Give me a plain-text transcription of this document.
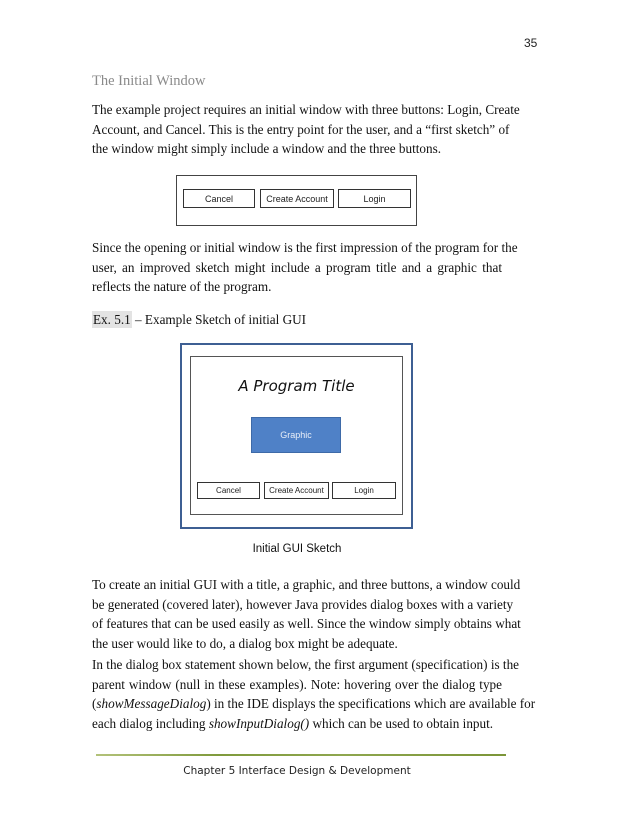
35
The Initial Window
The example project requires an initial window with three buttons: Login, Create
Account, and Cancel. This is the entry point for the user, and a “first sketch” of
the window might simply include a window and the three buttons.
Cancel	Create Account	Login
Since the opening or initial window is the first impression of the program for the
user, an improved sketch might include a program title and a graphic that
reflects the nature of the program.
Ex. 5.1 – Example Sketch of initial GUI
A Program Title
Graphic
Cancel	Create Account	Login
Initial GUI Sketch
To create an initial GUI with a title, a graphic, and three buttons, a window could
be generated (covered later), however Java provides dialog boxes with a variety
of features that can be used easily as well. Since the window simply obtains what
the user would like to do, a dialog box might be adequate.
In the dialog box statement shown below, the first argument (specification) is the
parent window (null in these examples). Note: hovering over the dialog type
(showMessageDialog) in the IDE displays the specifications which are available for
each dialog including showInputDialog() which can be used to obtain input.
Chapter 5 Interface Design & Development
